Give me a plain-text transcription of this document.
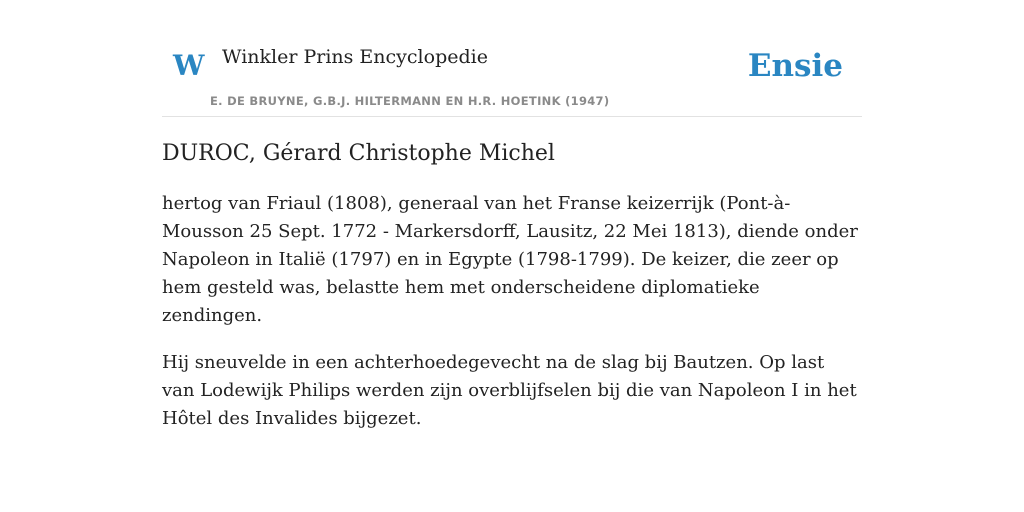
W Winkler Prins Encyclopedie
E. DE BRUYNE, G.B.J. HILTERMANN EN H.R. HOETINK (1947)
Ensie
DUROC, Gérard Christophe Michel

hertog van Friaul (1808), generaal van het Franse keizerrijk (Pont-à-Mousson 25 Sept. 1772 - Markersdorff, Lausitz, 22 Mei 1813), diende onder Napoleon in Italië (1797) en in Egypte (1798-1799). De keizer, die zeer op hem gesteld was, belastte hem met onderscheidene diplomatieke zendingen.

Hij sneuvelde in een achterhoedegevecht na de slag bij Bautzen. Op last van Lodewijk Philips werden zijn overblijfselen bij die van Napoleon I in het Hôtel des Invalides bijgezet.
